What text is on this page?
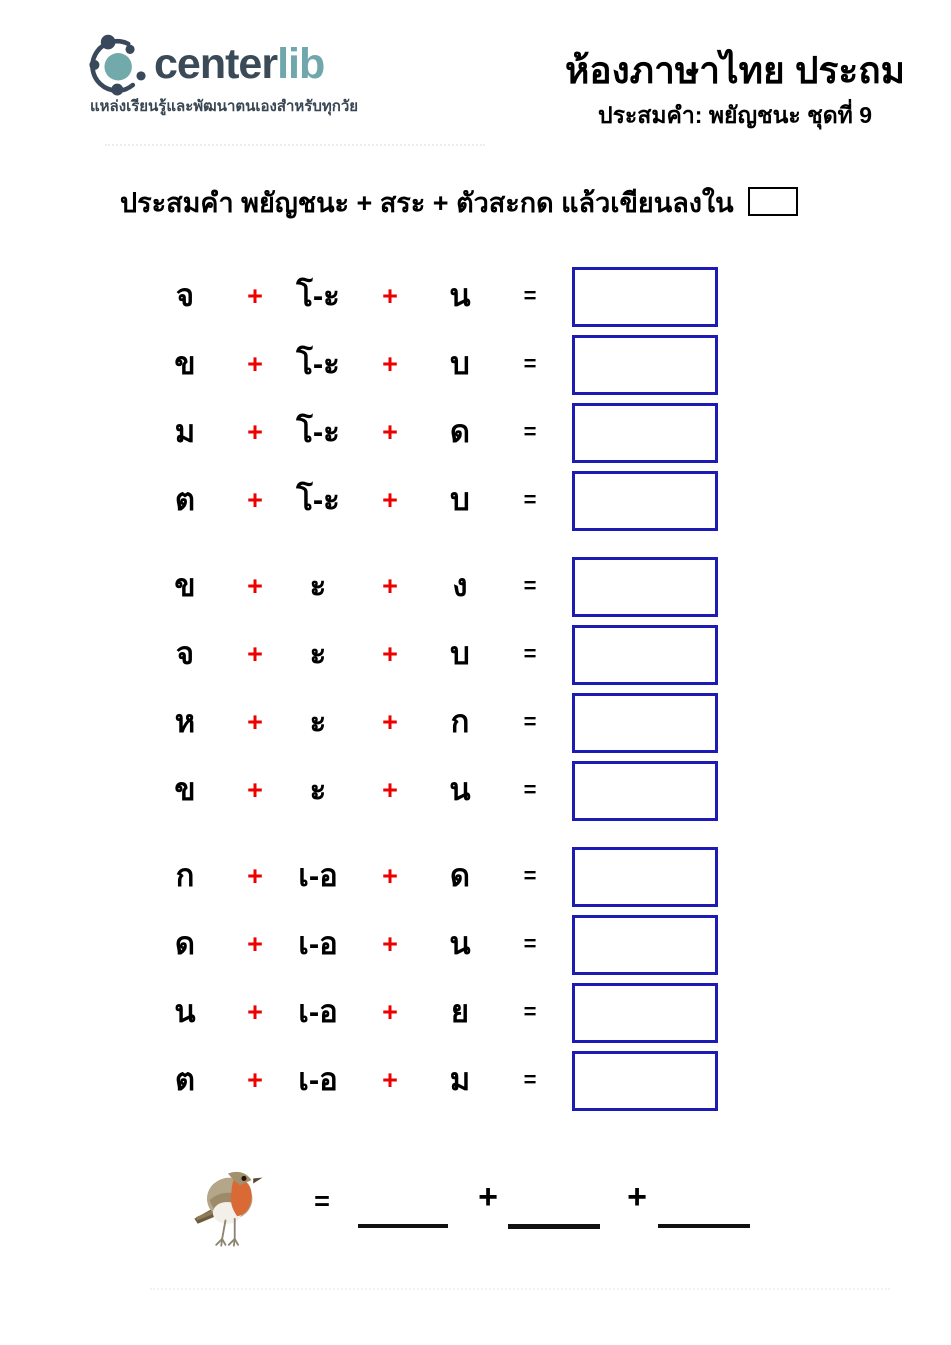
centerlib
แหล่งเรียนรู้และพัฒนาตนเองสำหรับทุกวัย
ห้องภาษาไทย ประถม
ประสมคำ: พยัญชนะ ชุดที่ 9
ประสมคำ พยัญชนะ + สระ + ตัวสะกด แล้วเขียนลงใน
จ	+	โ-ะ	+	น	=
ข	+	โ-ะ	+	บ	=
ม	+	โ-ะ	+	ด	=
ต	+	โ-ะ	+	บ	=
ข	+	ะ	+	ง	=
จ	+	ะ	+	บ	=
ห	+	ะ	+	ก	=
ข	+	ะ	+	น	=
ก	+	เ-อ	+	ด	=
ด	+	เ-อ	+	น	=
น	+	เ-อ	+	ย	=
ต	+	เ-อ	+	ม	=
=	+	+
